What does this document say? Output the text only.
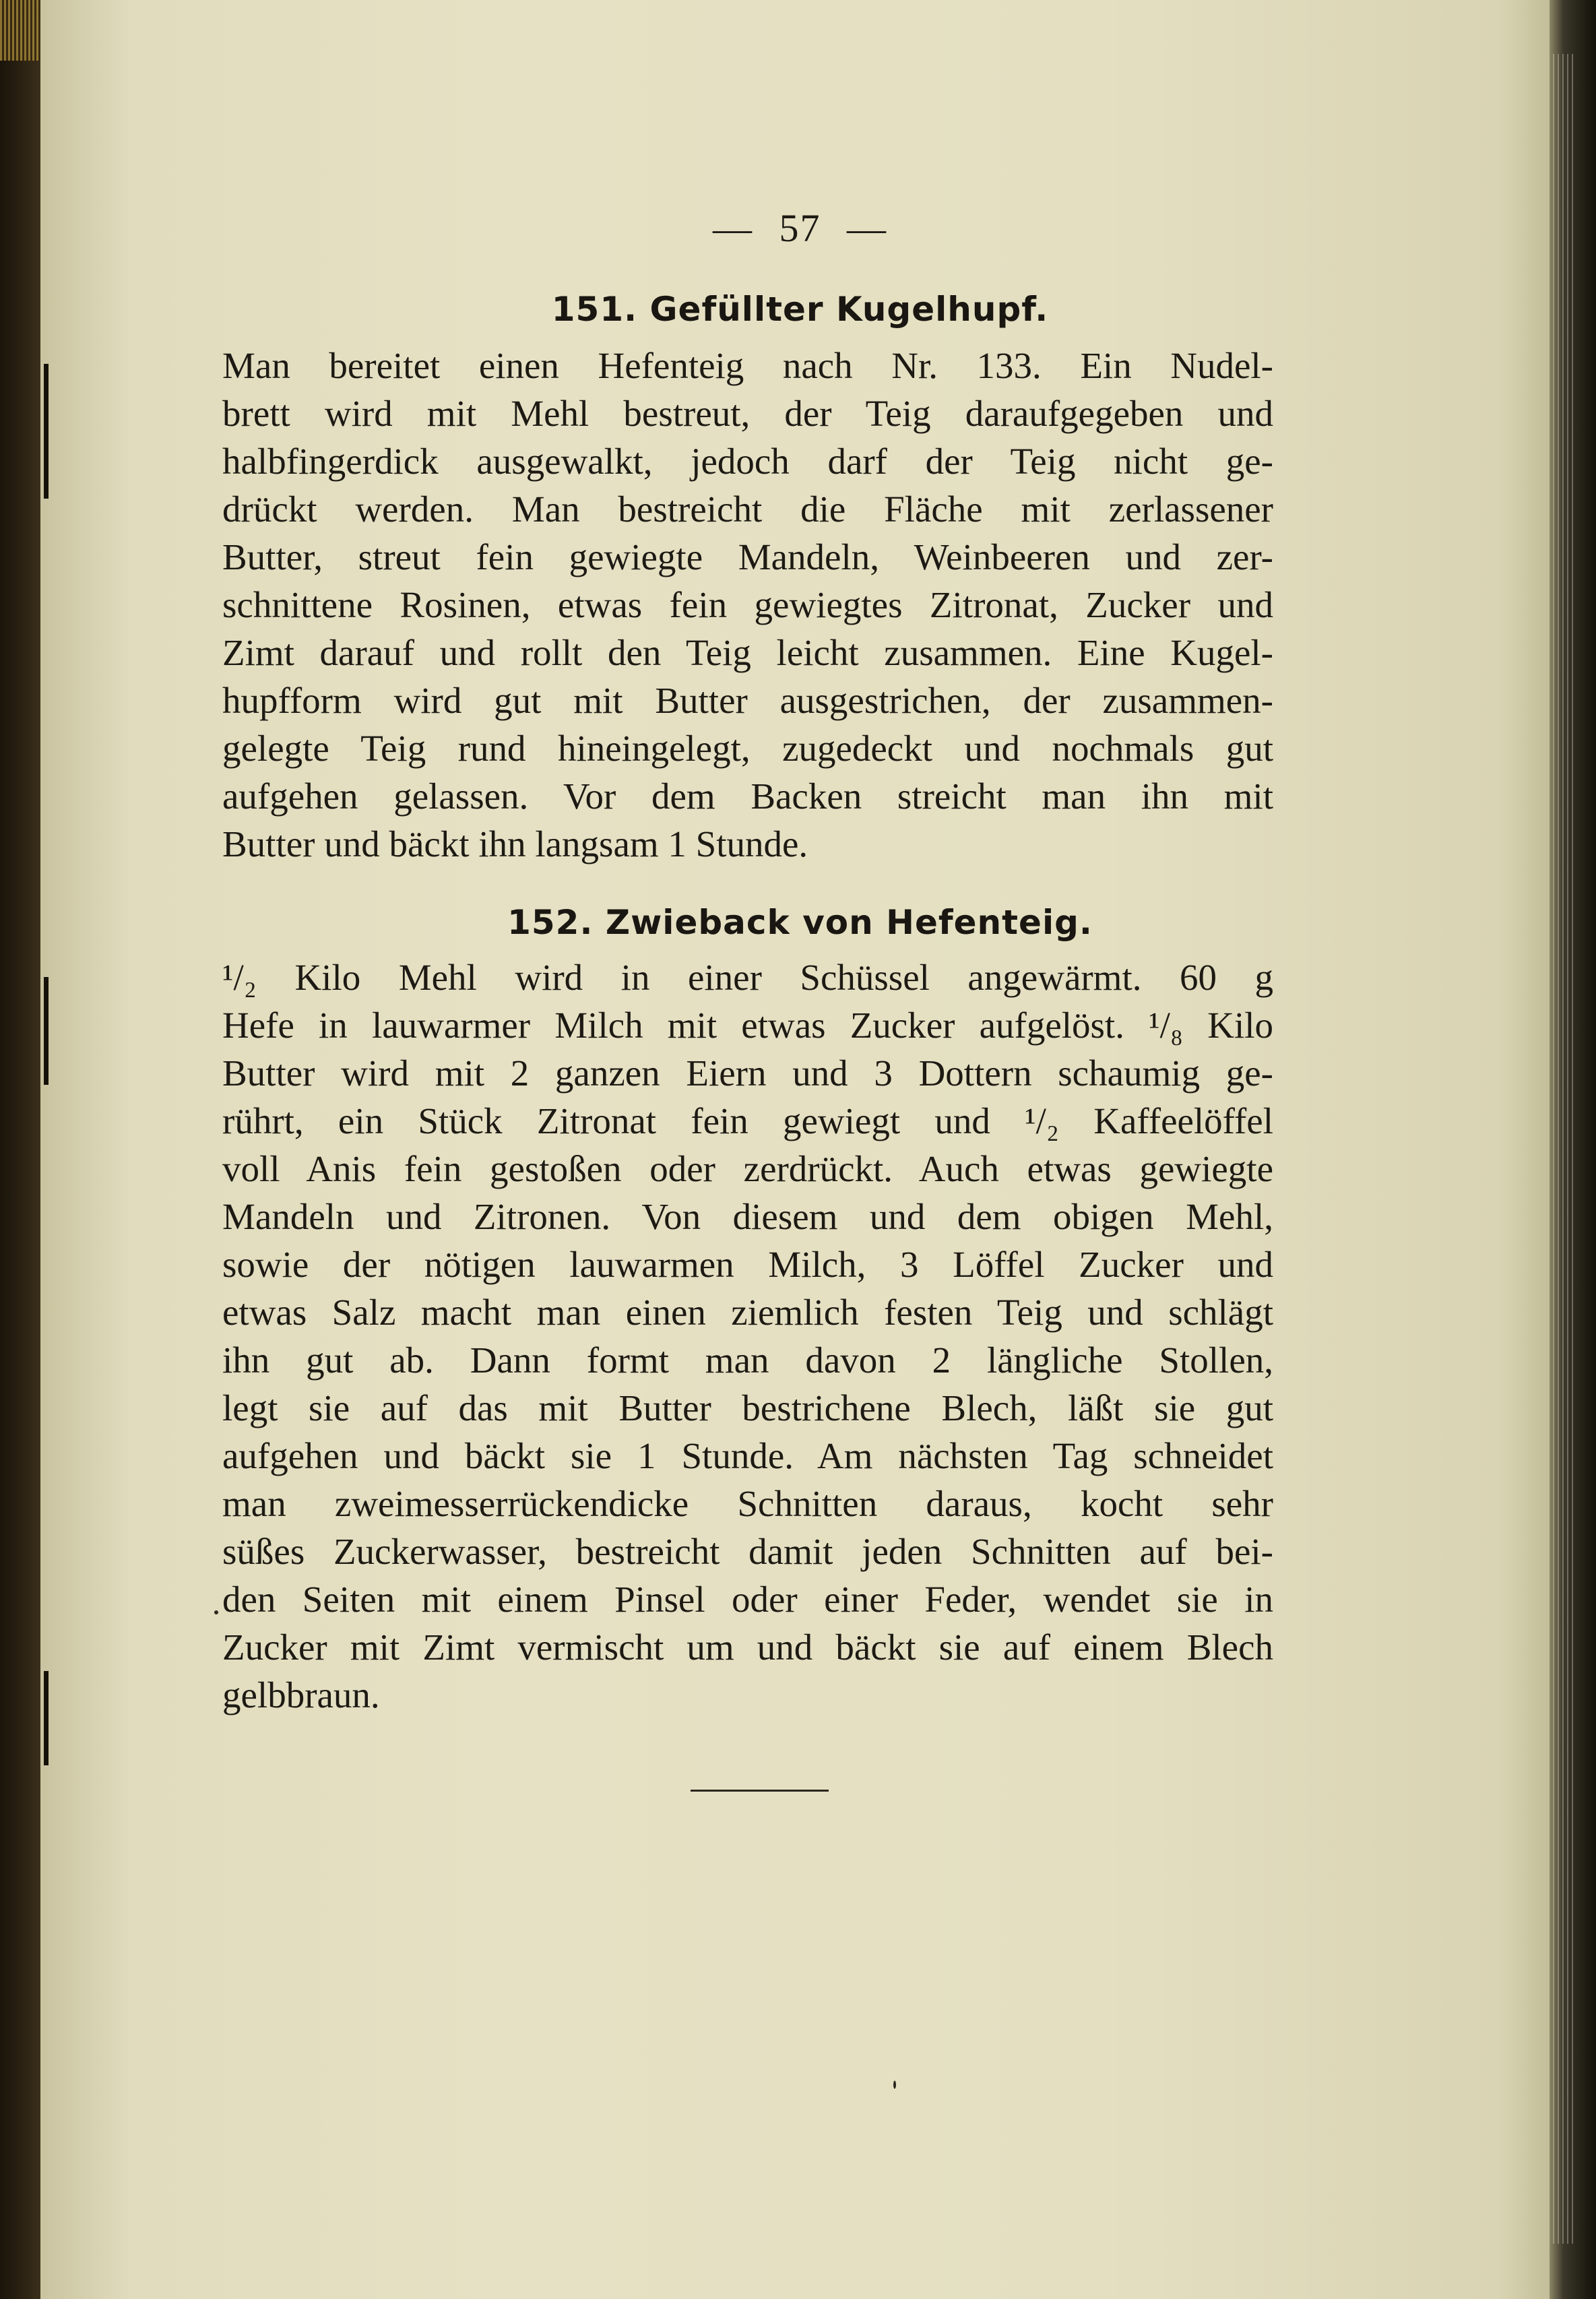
— 57 —
151. Gefüllter Kugelhupf.
Man bereitet einen Hefenteig nach Nr. 133. Ein Nudel-
brett wird mit Mehl bestreut, der Teig daraufgegeben und
halbfingerdick ausgewalkt, jedoch darf der Teig nicht ge-
drückt werden. Man bestreicht die Fläche mit zerlassener
Butter, streut fein gewiegte Mandeln, Weinbeeren und zer-
schnittene Rosinen, etwas fein gewiegtes Zitronat, Zucker und
Zimt darauf und rollt den Teig leicht zusammen. Eine Kugel-
hupfform wird gut mit Butter ausgestrichen, der zusammen-
gelegte Teig rund hineingelegt, zugedeckt und nochmals gut
aufgehen gelassen. Vor dem Backen streicht man ihn mit
Butter und bäckt ihn langsam 1 Stunde.
152. Zwieback von Hefenteig.
¹/₂ Kilo Mehl wird in einer Schüssel angewärmt. 60 g
Hefe in lauwarmer Milch mit etwas Zucker aufgelöst. ¹/₈ Kilo
Butter wird mit 2 ganzen Eiern und 3 Dottern schaumig ge-
rührt, ein Stück Zitronat fein gewiegt und ¹/₂ Kaffeelöffel
voll Anis fein gestoßen oder zerdrückt. Auch etwas gewiegte
Mandeln und Zitronen. Von diesem und dem obigen Mehl,
sowie der nötigen lauwarmen Milch, 3 Löffel Zucker und
etwas Salz macht man einen ziemlich festen Teig und schlägt
ihn gut ab. Dann formt man davon 2 längliche Stollen,
legt sie auf das mit Butter bestrichene Blech, läßt sie gut
aufgehen und bäckt sie 1 Stunde. Am nächsten Tag schneidet
man zweimesserrückendicke Schnitten daraus, kocht sehr
süßes Zuckerwasser, bestreicht damit jeden Schnitten auf bei-
den Seiten mit einem Pinsel oder einer Feder, wendet sie in
Zucker mit Zimt vermischt um und bäckt sie auf einem Blech
gelbbraun.
